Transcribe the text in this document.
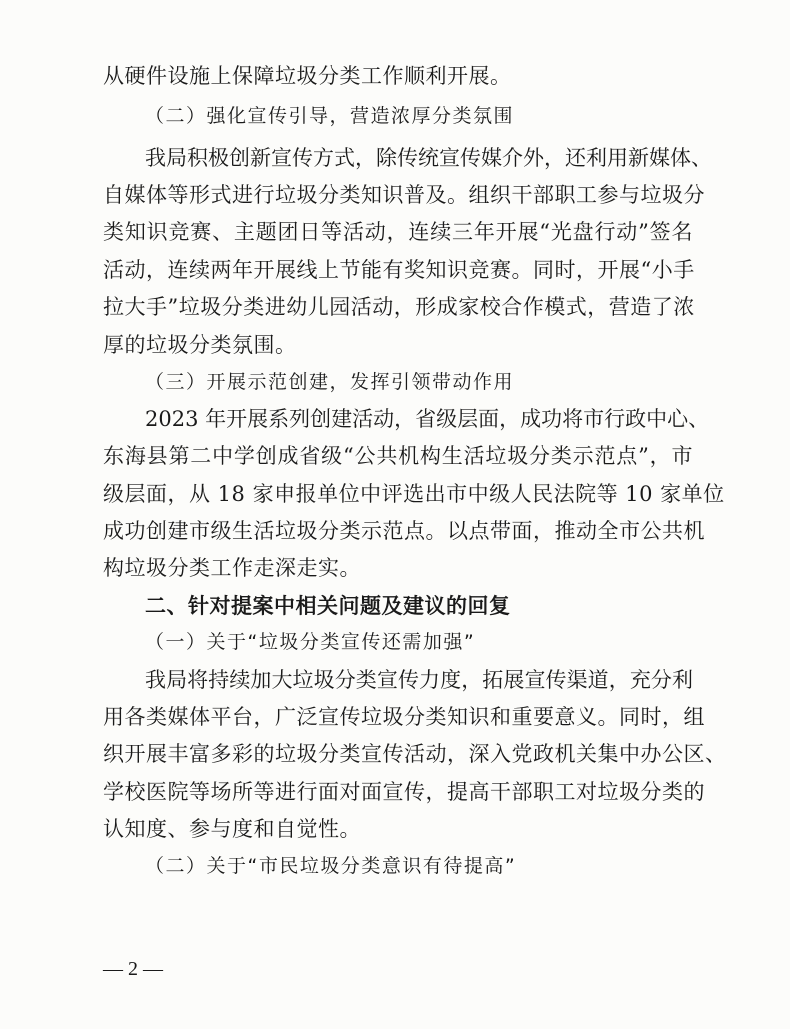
从硬件设施上保障垃圾分类工作顺利开展。
（二）强化宣传引导，营造浓厚分类氛围
我局积极创新宣传方式，除传统宣传媒介外，还利用新媒体、
自媒体等形式进行垃圾分类知识普及。组织干部职工参与垃圾分
类知识竞赛、主题团日等活动，连续三年开展“光盘行动”签名
活动，连续两年开展线上节能有奖知识竞赛。同时，开展“小手
拉大手”垃圾分类进幼儿园活动，形成家校合作模式，营造了浓
厚的垃圾分类氛围。
（三）开展示范创建，发挥引领带动作用
2023 年开展系列创建活动，省级层面，成功将市行政中心、
东海县第二中学创成省级“公共机构生活垃圾分类示范点”，市
级层面，从 18 家申报单位中评选出市中级人民法院等 10 家单位
成功创建市级生活垃圾分类示范点。以点带面，推动全市公共机
构垃圾分类工作走深走实。
二、针对提案中相关问题及建议的回复
（一）关于“垃圾分类宣传还需加强”
我局将持续加大垃圾分类宣传力度，拓展宣传渠道，充分利
用各类媒体平台，广泛宣传垃圾分类知识和重要意义。同时，组
织开展丰富多彩的垃圾分类宣传活动，深入党政机关集中办公区、
学校医院等场所等进行面对面宣传，提高干部职工对垃圾分类的
认知度、参与度和自觉性。
（二）关于“市民垃圾分类意识有待提高”
— 2 —
